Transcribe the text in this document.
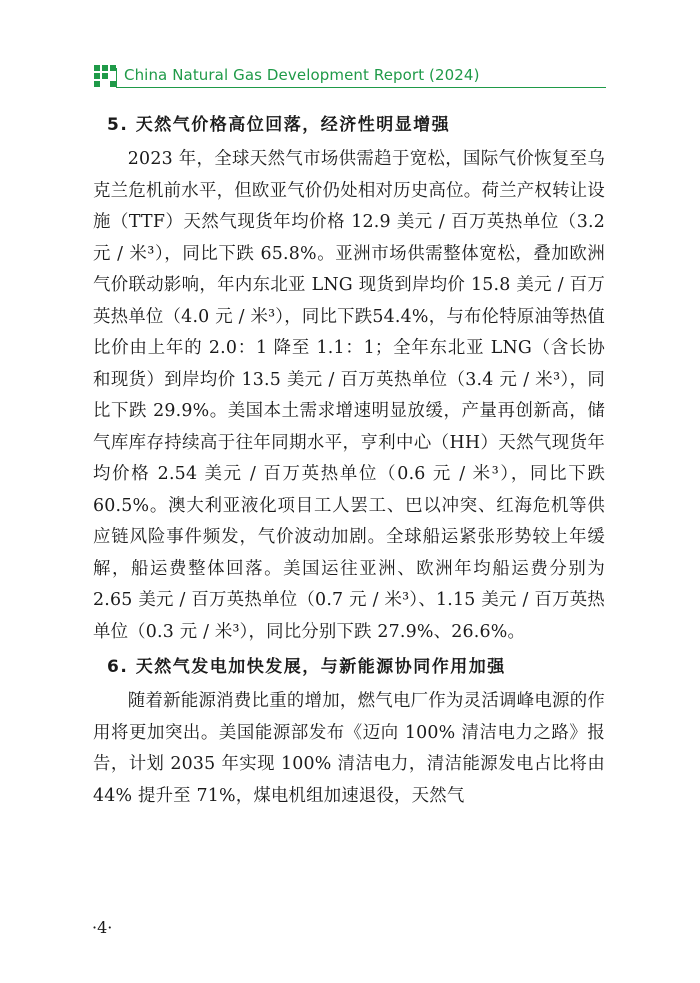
China Natural Gas Development Report (2024)
5. 天然气价格高位回落，经济性明显增强

2023 年，全球天然气市场供需趋于宽松，国际气价恢复至乌克兰危机前水平，但欧亚气价仍处相对历史高位。荷兰产权转让设施（TTF）天然气现货年均价格 12.9 美元 / 百万英热单位（3.2 元 / 米³），同比下跌 65.8%。亚洲市场供需整体宽松，叠加欧洲气价联动影响，年内东北亚 LNG 现货到岸均价 15.8 美元 / 百万英热单位（4.0 元 / 米³），同比下跌54.4%，与布伦特原油等热值比价由上年的 2.0：1 降至 1.1：1；全年东北亚 LNG（含长协和现货）到岸均价 13.5 美元 / 百万英热单位（3.4 元 / 米³），同比下跌 29.9%。美国本土需求增速明显放缓，产量再创新高，储气库库存持续高于往年同期水平，亨利中心（HH）天然气现货年均价格 2.54 美元 / 百万英热单位（0.6 元 / 米³），同比下跌 60.5%。澳大利亚液化项目工人罢工、巴以冲突、红海危机等供应链风险事件频发，气价波动加剧。全球船运紧张形势较上年缓解，船运费整体回落。美国运往亚洲、欧洲年均船运费分别为 2.65 美元 / 百万英热单位（0.7 元 / 米³）、1.15 美元 / 百万英热单位（0.3 元 / 米³），同比分别下跌 27.9%、26.6%。

6. 天然气发电加快发展，与新能源协同作用加强

随着新能源消费比重的增加，燃气电厂作为灵活调峰电源的作用将更加突出。美国能源部发布《迈向 100% 清洁电力之路》报告，计划 2035 年实现 100% 清洁电力，清洁能源发电占比将由 44% 提升至 71%，煤电机组加速退役，天然气

·4·
